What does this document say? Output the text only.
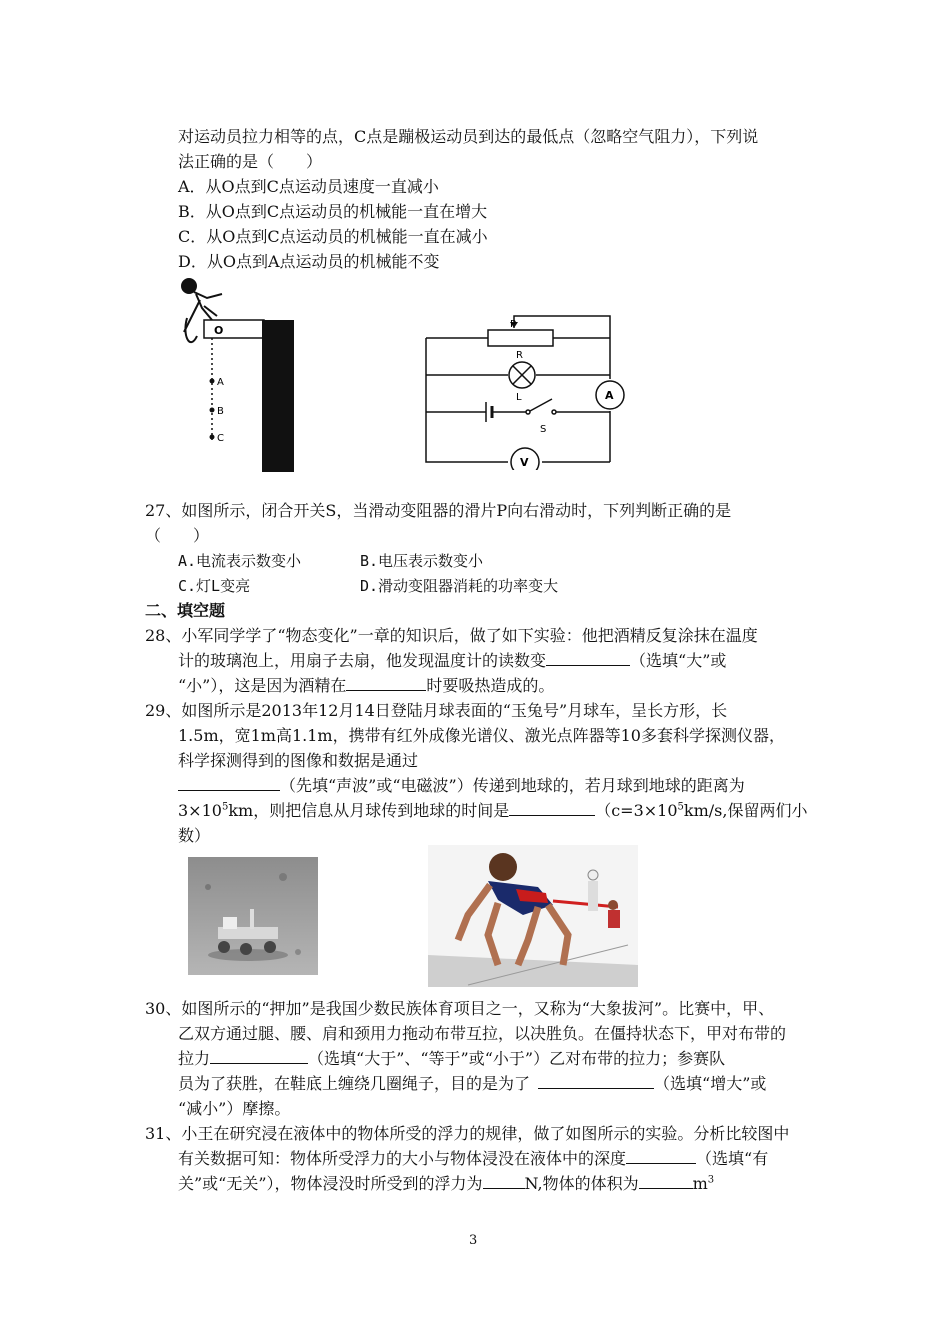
对运动员拉力相等的点，C点是蹦极运动员到达的最低点（忽略空气阻力），下列说
法正确的是（　　）
A．从O点到C点运动员速度一直减小
B．从O点到C点运动员的机械能一直在增大
C．从O点到C点运动员的机械能一直在减小
D．从O点到A点运动员的机械能不变
O
A
B
C
P
R
L
S
A
V
27、如图所示，闭合开关S，当滑动变阻器的滑片P向右滑动时，下列判断正确的是
（　　）
A.电流表示数变小	B.电压表示数变小
C.灯L变亮	D.滑动变阻器消耗的功率变大
二、填空题
28、小军同学学了“物态变化”一章的知识后，做了如下实验：他把酒精反复涂抹在温度
计的玻璃泡上，用扇子去扇，他发现温度计的读数变	（选填“大”或
“小”），这是因为酒精在	时要吸热造成的。
29、如图所示是2013年12月14日登陆月球表面的“玉兔号”月球车，呈长方形，长
1.5m，宽1m高1.1m，携带有红外成像光谱仪、激光点阵器等10多套科学探测仪器，
科学探测得到的图像和数据是通过
（先填“声波”或“电磁波”）传递到地球的，若月球到地球的距离为
$3\times 10^5km$，则把信息从月球传到地球的时间是	（$c=3\times 10^5km/s$,保留两们小
数）
30、如图所示的“押加”是我国少数民族体育项目之一，又称为“大象拔河”。比赛中，甲、
乙双方通过腿、腰、肩和颈用力拖动布带互拉，以决胜负。在僵持状态下，甲对布带的
拉力	（选填“大于”、“等于”或“小于”）乙对布带的拉力；参赛队
员为了获胜，在鞋底上缠绕几圈绳子，目的是为了	（选填“增大”或
“减小”）摩擦。
31、小王在研究浸在液体中的物体所受的浮力的规律，做了如图所示的实验。分析比较图中
有关数据可知：物体所受浮力的大小与物体浸没在液体中的深度	（选填“有
关”或“无关”），物体浸没时所受到的浮力为	N,物体的体积为	$m^3$
3
